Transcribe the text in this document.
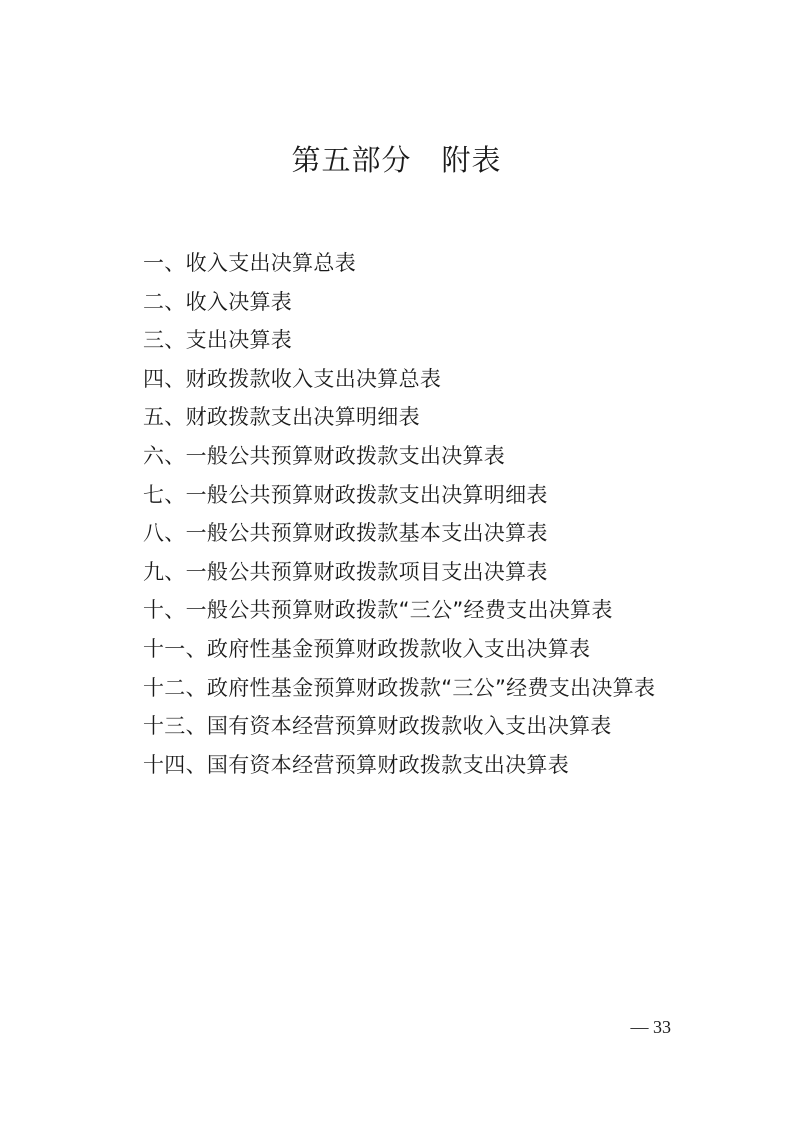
第五部分　附表
一、收入支出决算总表
二、收入决算表
三、支出决算表
四、财政拨款收入支出决算总表
五、财政拨款支出决算明细表
六、一般公共预算财政拨款支出决算表
七、一般公共预算财政拨款支出决算明细表
八、一般公共预算财政拨款基本支出决算表
九、一般公共预算财政拨款项目支出决算表
十、一般公共预算财政拨款“三公”经费支出决算表
十一、政府性基金预算财政拨款收入支出决算表
十二、政府性基金预算财政拨款“三公”经费支出决算表
十三、国有资本经营预算财政拨款收入支出决算表
十四、国有资本经营预算财政拨款支出决算表
— 33
